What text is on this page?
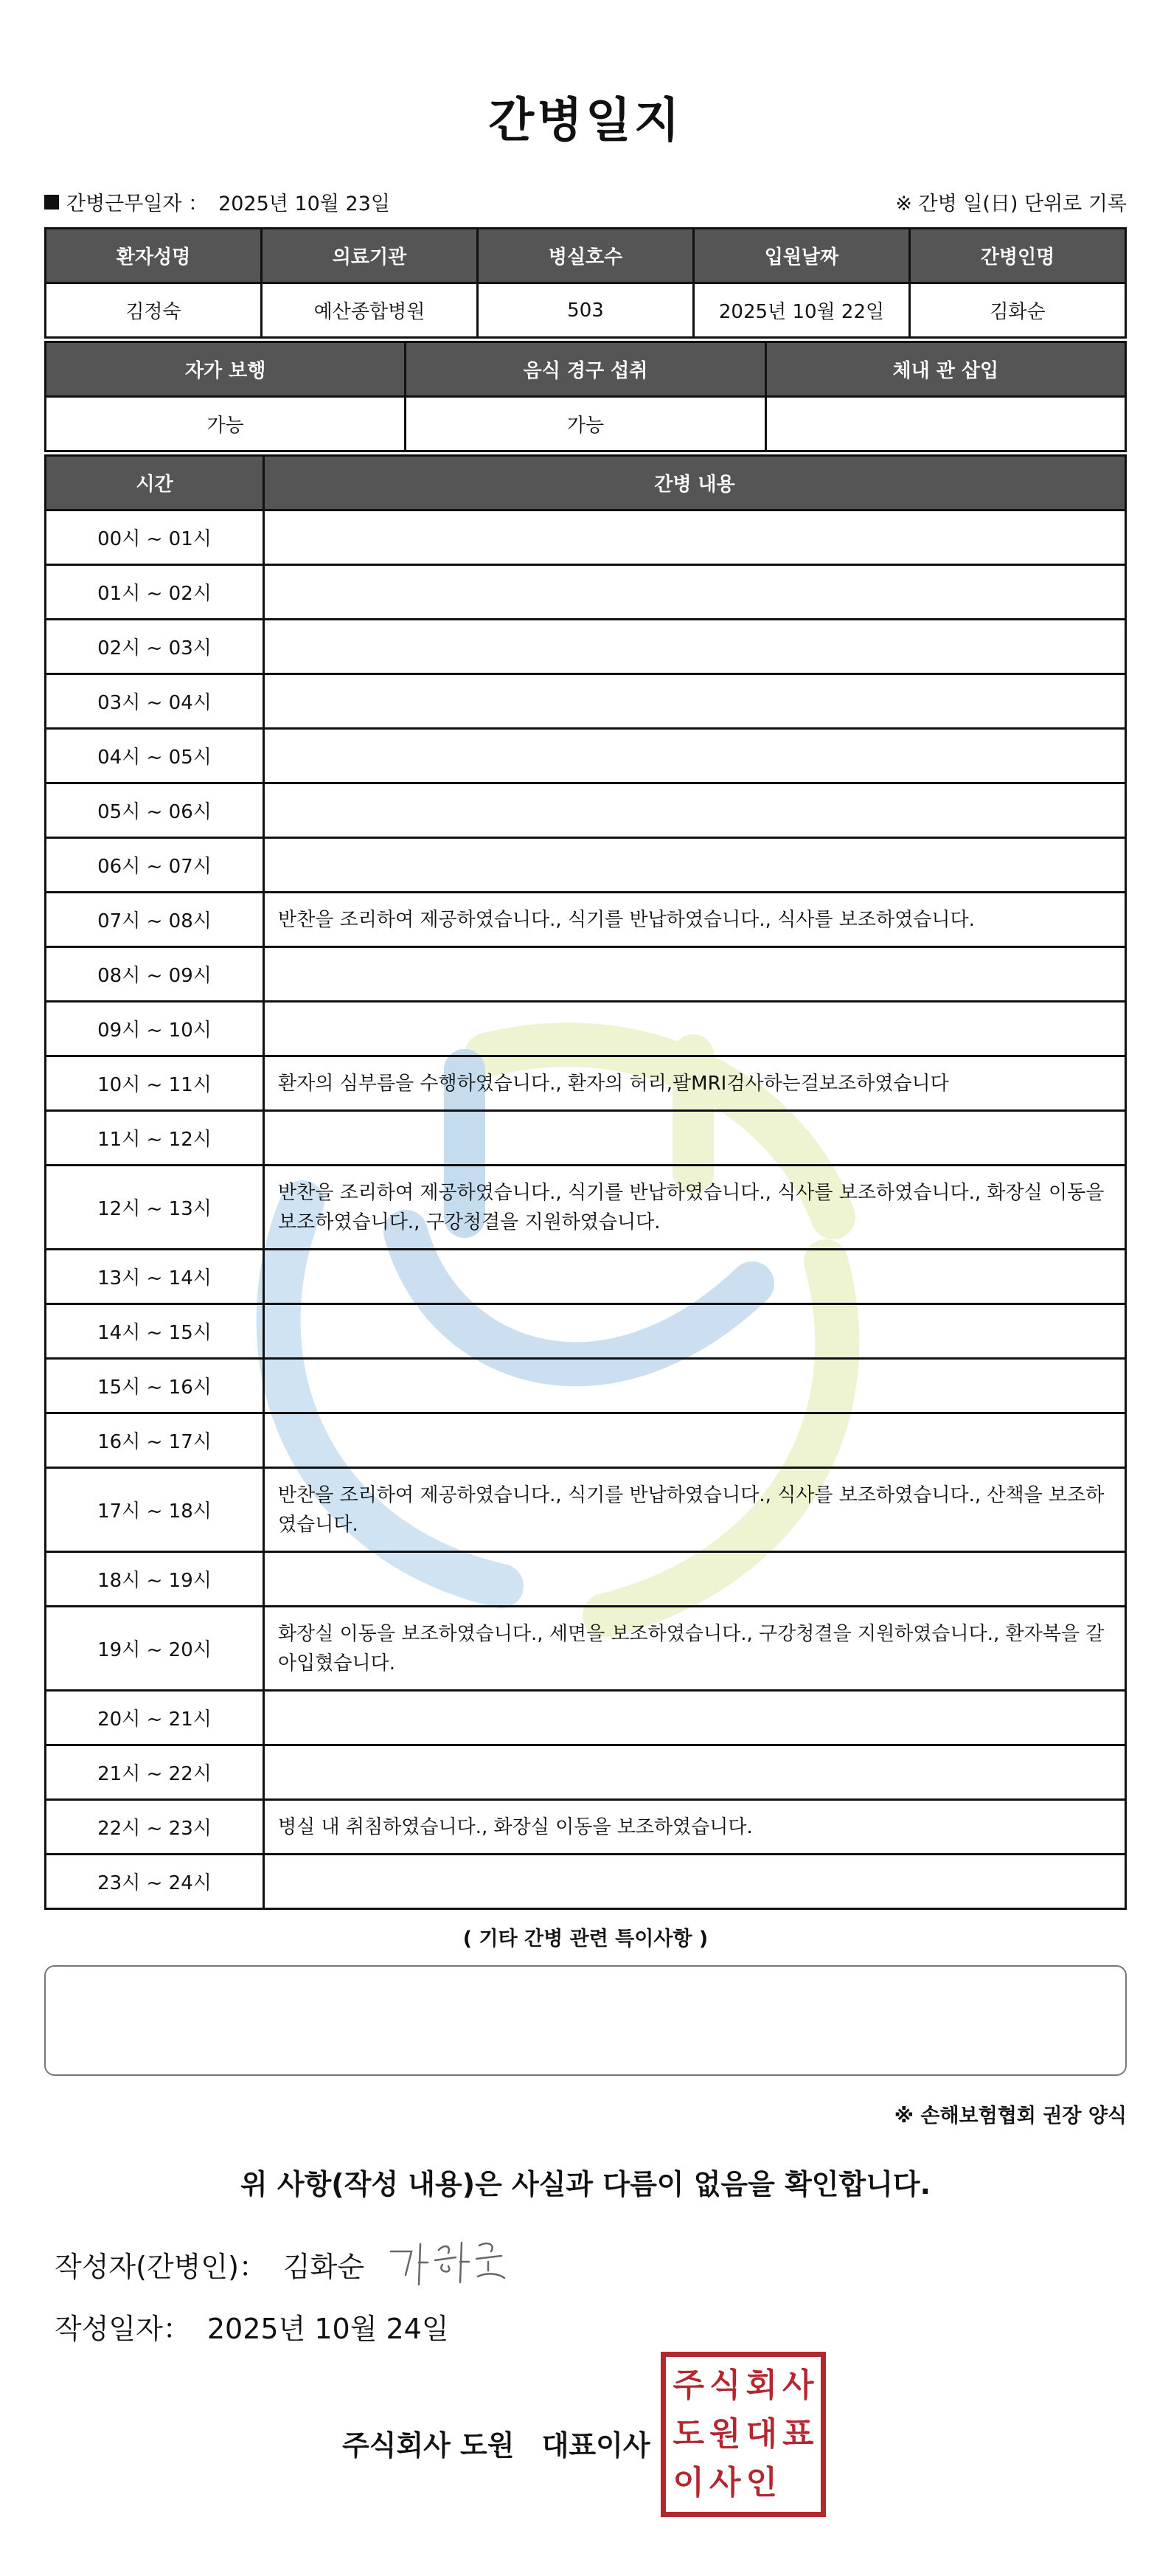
간병일지
간병근무일자 ： 2025년 10월 23일	※ 간병 일(日) 단위로 기록
환자성명	의료기관	병실호수	입원날짜	간병인명
김정숙	예산종합병원	503	2025년 10월 22일	김화순
자가 보행	음식 경구 섭취	체내 관 삽입
가능	가능	
시간	간병 내용
00시 ~ 01시	
01시 ~ 02시	
02시 ~ 03시	
03시 ~ 04시	
04시 ~ 05시	
05시 ~ 06시	
06시 ~ 07시	
07시 ~ 08시	반찬을 조리하여 제공하였습니다., 식기를 반납하였습니다., 식사를 보조하였습니다.
08시 ~ 09시	
09시 ~ 10시	
10시 ~ 11시	환자의 심부름을 수행하였습니다., 환자의 허리,팔MRI검사하는걸보조하였습니다
11시 ~ 12시	
12시 ~ 13시	반찬을 조리하여 제공하였습니다., 식기를 반납하였습니다., 식사를 보조하였습니다., 화장실 이동을 보조하였습니다., 구강청결을 지원하였습니다.
13시 ~ 14시	
14시 ~ 15시	
15시 ~ 16시	
16시 ~ 17시	
17시 ~ 18시	반찬을 조리하여 제공하였습니다., 식기를 반납하였습니다., 식사를 보조하였습니다., 산책을 보조하였습니다.
18시 ~ 19시	
19시 ~ 20시	화장실 이동을 보조하였습니다., 세면을 보조하였습니다., 구강청결을 지원하였습니다., 환자복을 갈아입혔습니다.
20시 ~ 21시	
21시 ~ 22시	
22시 ~ 23시	병실 내 취침하였습니다., 화장실 이동을 보조하였습니다.
23시 ~ 24시	
( 기타 간병 관련 특이사항 )
※ 손해보험협회 권장 양식
위 사항(작성 내용)은 사실과 다름이 없음을 확인합니다.
작성자(간병인)： 김화순
작성일자： 2025년 10월 24일
주식회사 도원 대표이사
주 식 회 사
도 원 대 표
이 사 인
